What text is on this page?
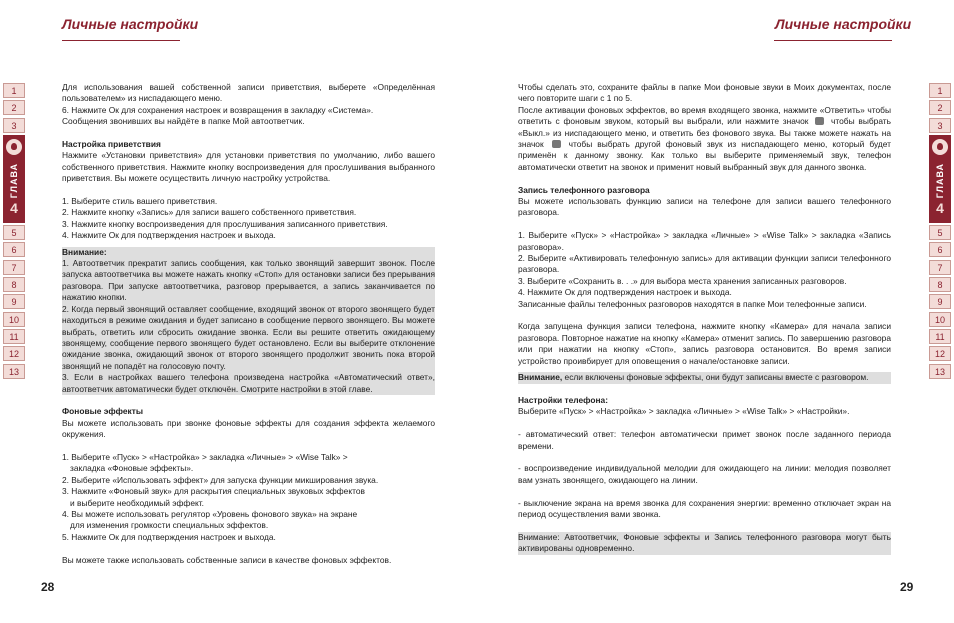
Личные настройки	Личные настройки
1
2
3
ГЛАВА
4
5
6
7
8
9
10
11
12
13
1
2
3
ГЛАВА
4
5
6
7
8
9
10
11
12
13

Для использования вашей собственной записи приветствия, выберете «Определённая пользователем» из ниспадающего меню.

6. Нажмите Ок для сохранения настроек и возвращения в закладку «Система».

Сообщения звонивших вы найдёте в папке Мой автоответчик.

Настройка приветствия

Нажмите «Установки приветствия» для установки приветствия по умолчанию, либо вашего собственного приветствия. Нажмите кнопку воспроизведения для прослушивания выбранного приветствия. Вы можете осуществить личную настройку устройства.

1. Выберите стиль вашего приветствия.

2. Нажмите кнопку «Запись» для записи вашего собственного приветствия.

3. Нажмите кнопку воспроизведения для прослушивания записанного приветствия.

4. Нажмите Ок для подтверждения настроек и выхода.

Внимание:

1. Автоответчик прекратит запись сообщения, как только звонящий завершит звонок. После запуска автоответчика вы можете нажать кнопку «Стоп» для остановки записи без прерывания разговора. При запуске автоответчика, разговор прерывается, а запись заканчивается по нажатию кнопки.

2. Когда первый звонящий оставляет сообщение, входящий звонок от второго звонящего будет находиться в режиме ожидания и будет записано в сообщение первого звонящего. Вы можете выбрать, ответить или сбросить ожидание звонка. Если вы решите ответить ожидающему звонящему, сообщение первого звонящего будет остановлено. Если вы выберите отклонение ожидание звонка, ожидающий звонок от второго звонящего продолжит звонить пока второй звонящий не попадёт на голосовую почту.

3. Если в настройках вашего телефона произведена настройка «Автоматический ответ», автоответчик автоматически будет отключён. Смотрите настройки в этой главе.

Фоновые эффекты

Вы можете использовать при звонке фоновые эффекты для создания эффекта желаемого окружения.

1. Выберите «Пуск» > «Настройка» > закладка «Личные» > «Wise Talk» >

закладка «Фоновые эффекты».

2. Выберите «Использовать эффект» для запуска функции микширования звука.

3. Нажмите «Фоновый звук» для раскрытия специальных звуковых эффектов

и выберите необходимый эффект.

4. Вы можете использовать регулятор «Уровень фонового звука» на экране

для изменения громкости специальных эффектов.

5. Нажмите Ок для подтверждения настроек и выхода.

Вы можете также использовать собственные записи в качестве фоновых эффектов.

Чтобы сделать это, сохраните файлы в папке Мои фоновые звуки в Моих документах, после чего повторите шаги с 1 по 5.

После активации фоновых эффектов, во время входящего звонка, нажмите «Ответить» чтобы ответить с фоновым звуком, который вы выбрали, или нажмите значок	чтобы выбрать «Выкл.» из ниспадающего меню, и ответить без фонового звука. Вы также можете нажать на значок	чтобы выбрать другой фоновый звук из ниспадающего меню, который будет применён к данному звонку. Как только вы выберите применяемый звук, телефон автоматически ответит на звонок и применит новый выбранный звук для данного звонка.

Запись телефонного разговора

Вы можете использовать функцию записи на телефоне для записи вашего телефонного разговора.

1. Выберите «Пуск» > «Настройка» > закладка «Личные» > «Wise Talk» > закладка «Запись разговора».

2. Выберите «Активировать телефонную запись» для активации функции записи телефонного разговора.

3. Выберите «Сохранить в. . .» для выбора места хранения записанных разговоров.

4. Нажмите Ок для подтверждения настроек и выхода.

Записанные файлы телефонных разговоров находятся в папке Мои телефонные записи.

Когда запущена функция записи телефона, нажмите кнопку «Камера» для начала записи разговора. Повторное нажатие на кнопку «Камера» отменит запись. По завершению разговора или при нажатии на кнопку «Стоп», запись разговора остановится. Во время записи устройство проивбирует для оповещения о начале/остановке записи.

Внимание, если включены фоновые эффекты, они будут записаны вместе с разговором.

Настройки телефона:

Выберите «Пуск» > «Настройка» > закладка «Личные» > «Wise Talk» > «Настройки».

- автоматический ответ: телефон автоматически примет звонок после заданного периода времени.

- воспроизведение индивидуальной мелодии для ожидающего на линии: мелодия позволяет вам узнать звонящего, ожидающего на линии.

- выключение экрана на время звонка для сохранения энергии: временно отключает экран на период осуществления вами звонка.

Внимание: Автоответчик, Фоновые эффекты и Запись телефонного разговора могут быть активированы одновременно.

28	29
